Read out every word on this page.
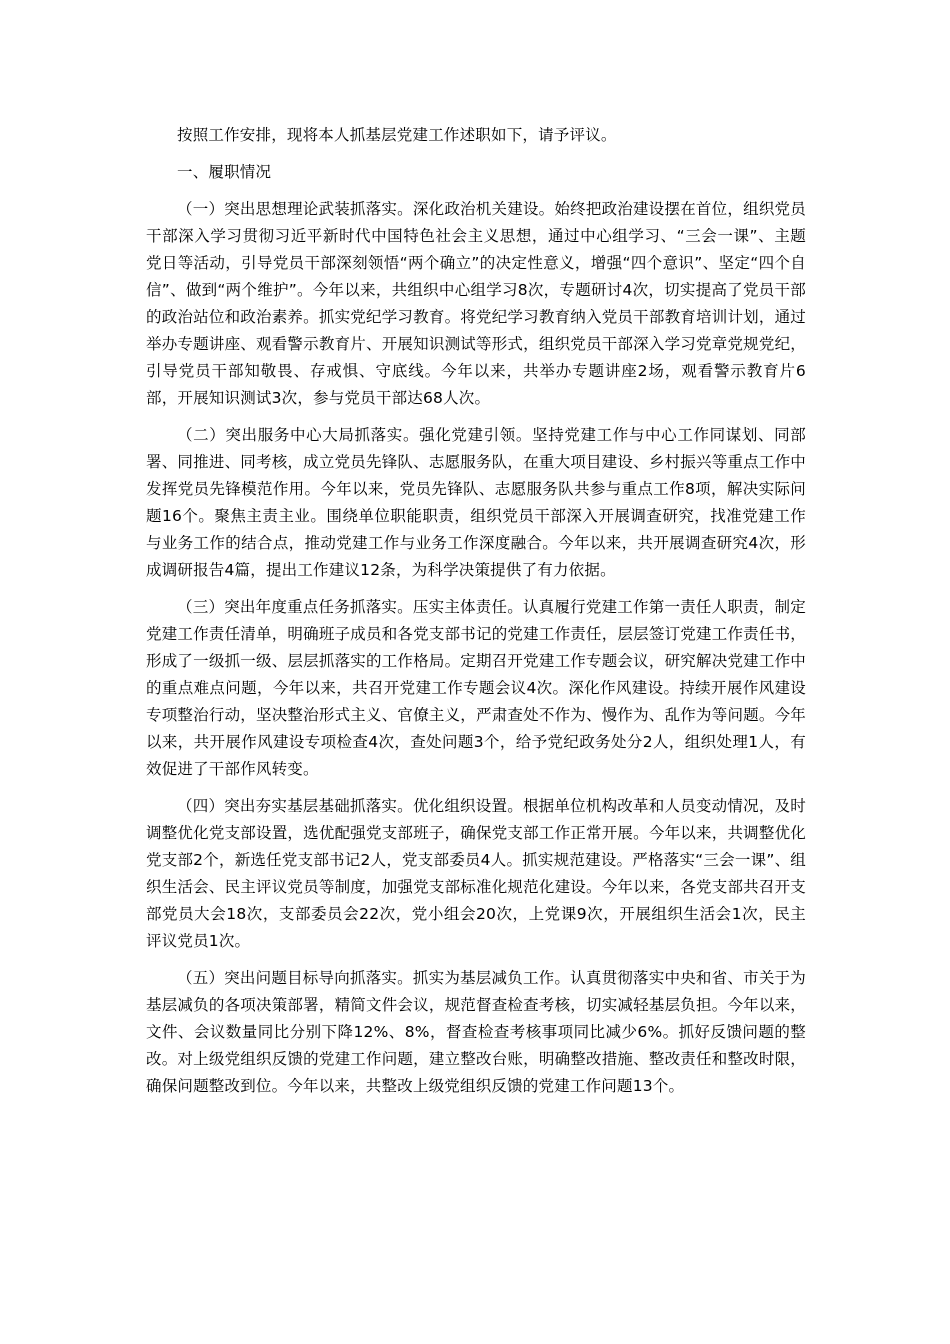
按照工作安排，现将本人抓基层党建工作述职如下，请予评议。

一、履职情况

（一）突出思想理论武装抓落实。深化政治机关建设。始终把政治建设摆在首位，组织党员干部深入学习贯彻习近平新时代中国特色社会主义思想，通过中心组学习、“三会一课”、主题党日等活动，引导党员干部深刻领悟“两个确立”的决定性意义，增强“四个意识”、坚定“四个自信”、做到“两个维护”。今年以来，共组织中心组学习8次，专题研讨4次，切实提高了党员干部的政治站位和政治素养。抓实党纪学习教育。将党纪学习教育纳入党员干部教育培训计划，通过举办专题讲座、观看警示教育片、开展知识测试等形式，组织党员干部深入学习党章党规党纪，引导党员干部知敬畏、存戒惧、守底线。今年以来，共举办专题讲座2场，观看警示教育片6部，开展知识测试3次，参与党员干部达68人次。

（二）突出服务中心大局抓落实。强化党建引领。坚持党建工作与中心工作同谋划、同部署、同推进、同考核，成立党员先锋队、志愿服务队，在重大项目建设、乡村振兴等重点工作中发挥党员先锋模范作用。今年以来，党员先锋队、志愿服务队共参与重点工作8项，解决实际问题16个。聚焦主责主业。围绕单位职能职责，组织党员干部深入开展调查研究，找准党建工作与业务工作的结合点，推动党建工作与业务工作深度融合。今年以来，共开展调查研究4次，形成调研报告4篇，提出工作建议12条，为科学决策提供了有力依据。

（三）突出年度重点任务抓落实。压实主体责任。认真履行党建工作第一责任人职责，制定党建工作责任清单，明确班子成员和各党支部书记的党建工作责任，层层签订党建工作责任书，形成了一级抓一级、层层抓落实的工作格局。定期召开党建工作专题会议，研究解决党建工作中的重点难点问题，今年以来，共召开党建工作专题会议4次。深化作风建设。持续开展作风建设专项整治行动，坚决整治形式主义、官僚主义，严肃查处不作为、慢作为、乱作为等问题。今年以来，共开展作风建设专项检查4次，查处问题3个，给予党纪政务处分2人，组织处理1人，有效促进了干部作风转变。

（四）突出夯实基层基础抓落实。优化组织设置。根据单位机构改革和人员变动情况，及时调整优化党支部设置，选优配强党支部班子，确保党支部工作正常开展。今年以来，共调整优化党支部2个，新选任党支部书记2人，党支部委员4人。抓实规范建设。严格落实“三会一课”、组织生活会、民主评议党员等制度，加强党支部标准化规范化建设。今年以来，各党支部共召开支部党员大会18次，支部委员会22次，党小组会20次，上党课9次，开展组织生活会1次，民主评议党员1次。

（五）突出问题目标导向抓落实。抓实为基层减负工作。认真贯彻落实中央和省、市关于为基层减负的各项决策部署，精简文件会议，规范督查检查考核，切实减轻基层负担。今年以来，文件、会议数量同比分别下降12%、8%，督查检查考核事项同比减少6%。抓好反馈问题的整改。对上级党组织反馈的党建工作问题，建立整改台账，明确整改措施、整改责任和整改时限，确保问题整改到位。今年以来，共整改上级党组织反馈的党建工作问题13个。
